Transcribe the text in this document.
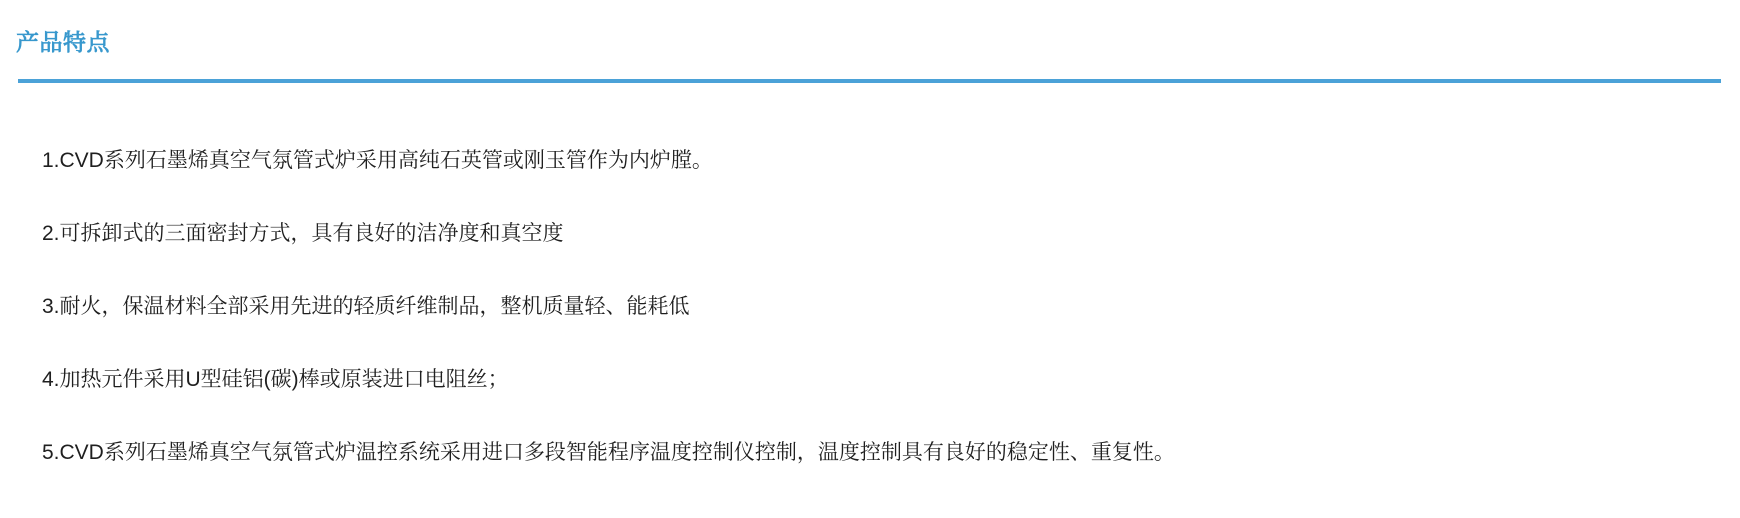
产品特点

1.CVD系列石墨烯真空气氛管式炉采用高纯石英管或刚玉管作为内炉膛。

2.可拆卸式的三面密封方式，具有良好的洁净度和真空度

3.耐火，保温材料全部采用先进的轻质纤维制品，整机质量轻、能耗低

4.加热元件采用U型硅铝(碳)棒或原装进口电阻丝；

5.CVD系列石墨烯真空气氛管式炉温控系统采用进口多段智能程序温度控制仪控制，温度控制具有良好的稳定性、重复性。
